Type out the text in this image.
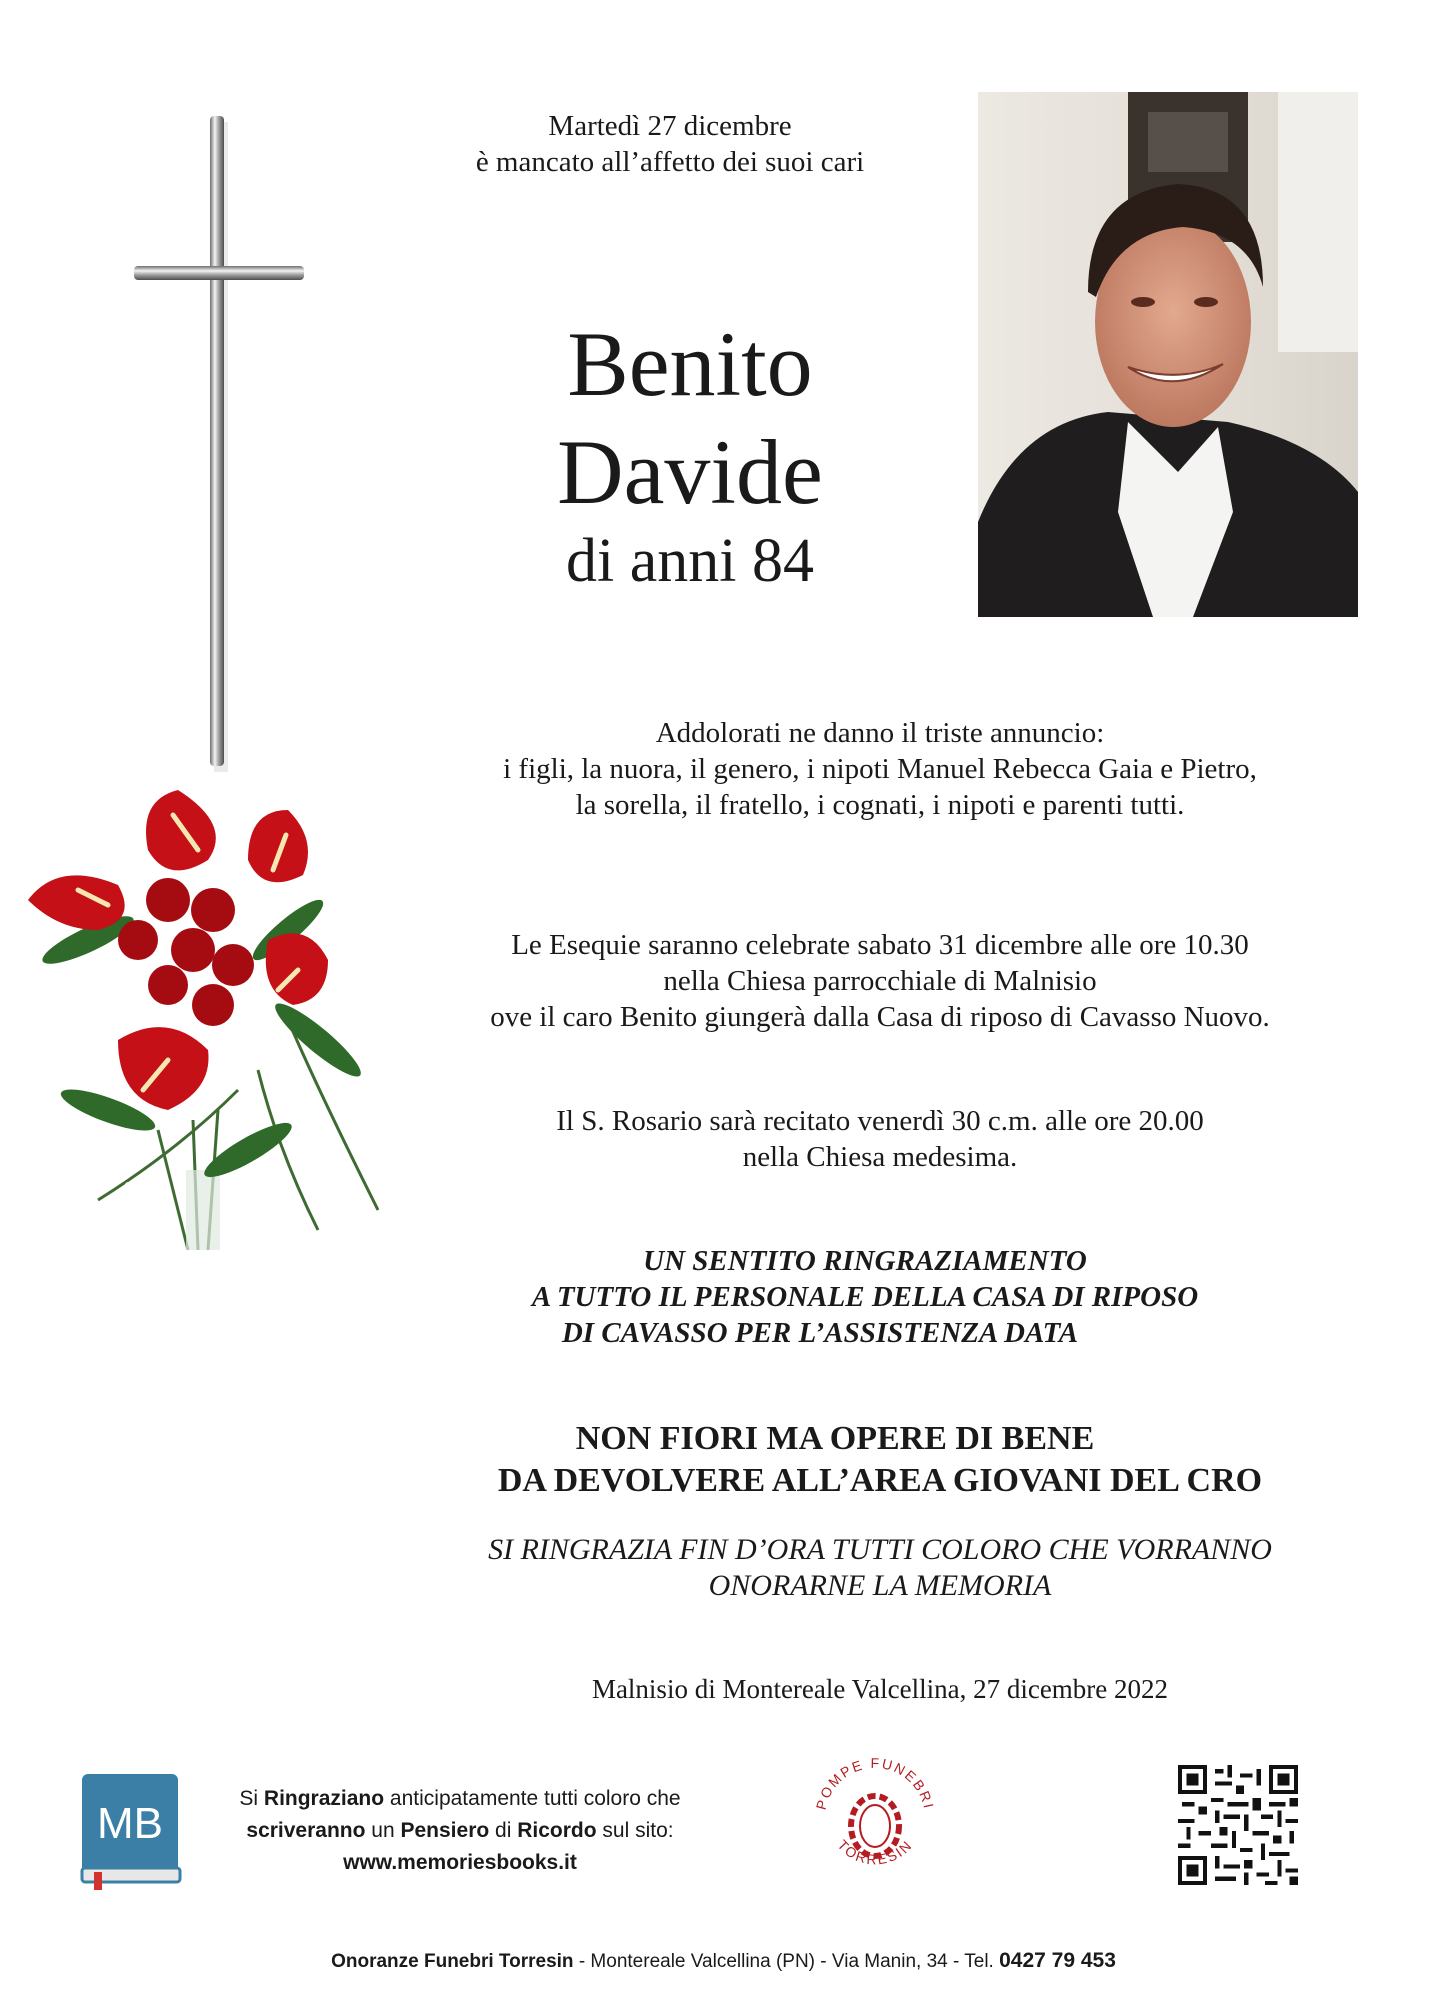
Martedì 27 dicembre
è mancato all’affetto dei suoi cari
Benito
Davide
di anni 84
Addolorati ne danno il triste annuncio:
i figli, la nuora, il genero, i nipoti Manuel Rebecca Gaia e Pietro,
la sorella, il fratello, i cognati, i nipoti e parenti tutti.
Le Esequie saranno celebrate sabato 31 dicembre alle ore 10.30
nella Chiesa parrocchiale di Malnisio
ove il caro Benito giungerà dalla Casa di riposo di Cavasso Nuovo.
Il S. Rosario sarà recitato venerdì 30 c.m. alle ore 20.00
nella Chiesa medesima.
UN SENTITO RINGRAZIAMENTO
A TUTTO IL PERSONALE DELLA CASA DI RIPOSO
DI CAVASSO PER L’ASSISTENZA DATA
NON FIORI MA OPERE DI BENE
DA DEVOLVERE ALL’AREA GIOVANI DEL CRO
SI RINGRAZIA FIN D’ORA TUTTI COLORO CHE VORRANNO
ONORARNE LA MEMORIA
Malnisio di Montereale Valcellina, 27 dicembre 2022
MB
Si Ringraziano anticipatamente tutti coloro che
scriveranno un Pensiero di Ricordo sul sito:
www.memoriesbooks.it
POMPE FUNEBRI
TORRESIN
Onoranze Funebri Torresin - Montereale Valcellina (PN) - Via Manin, 34 - Tel. 0427 79 453
